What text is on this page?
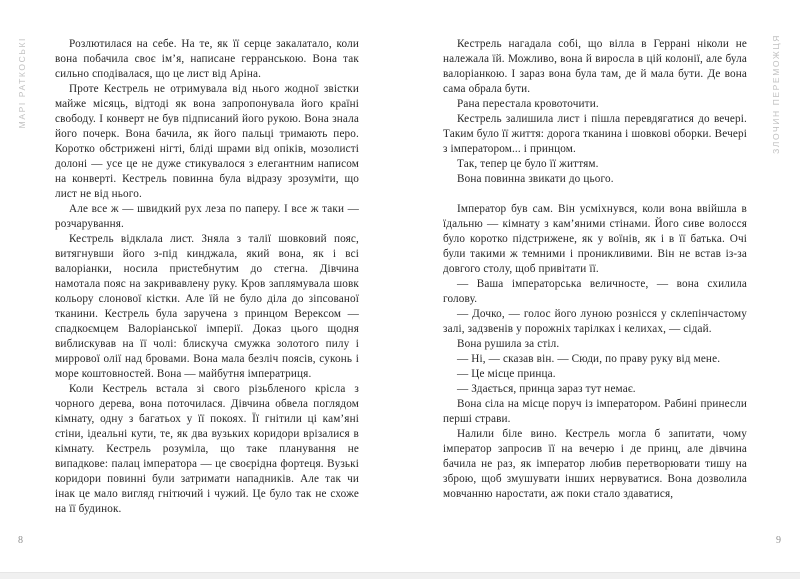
МАРІ РАТКОСЬКІ	Розлютилася на себе. На те, як її серце закалатало, коли вона побачила своє ім’я, написане герранською. Вона так сильно сподівалася, що це лист від Аріна.

Проте Кестрель не отримувала від нього жодної звістки майже місяць, відтоді як вона запропонувала його країні свободу. І конверт не був підписаний його рукою. Вона знала його почерк. Вона бачила, як його пальці тримають перо. Коротко обстрижені нігті, бліді шрами від опіків, мозолисті долоні — усе це не дуже стикувалося з елегантним написом на конверті. Кестрель повинна була відразу зрозуміти, що лист не від нього.

Але все ж — швидкий рух леза по паперу. І все ж таки — розчарування.

Кестрель відклала лист. Зняла з талії шовковий пояс, витягнувши його з-під кинджала, який вона, як і всі валоріанки, носила пристебнутим до стегна. Дівчина намотала пояс на закривавлену руку. Кров заплямувала шовк кольору слонової кістки. Але їй не було діла до зіпсованої тканини. Кестрель була заручена з принцом Верексом — спадкоємцем Валоріанської імперії. Доказ цього щодня виблискував на її чолі: блискуча смужка золотого пилу і миррової олії над бровами. Вона мала безліч поясів, суконь і море коштовностей. Вона — майбутня імператриця.

Коли Кестрель встала зі свого різьбленого крісла з чорного дерева, вона поточилася. Дівчина обвела поглядом кімнату, одну з багатьох у її покоях. Її гнітили ці кам’яні стіни, ідеальні кути, те, як два вузьких коридори врізалися в кімнату. Кестрель розуміла, що таке планування не випадкове: палац імператора — це своєрідна фортеця. Вузькі коридори повинні були затримати нападників. Але так чи інак це мало вигляд гнітючий і чужий. Це було так не схоже на її будинок.

Кестрель нагадала собі, що вілла в Геррані ніколи не належала їй. Можливо, вона й виросла в цій колонії, але була валоріанкою. І зараз вона була там, де й мала бути. Де вона сама обрала бути.

Рана перестала кровоточити.

Кестрель залишила лист і пішла перевдягатися до вечері. Таким було її життя: дорога тканина і шовкові оборки. Вечері з імператором... і принцом.

Так, тепер це було її життям.

Вона повинна звикати до цього.

Імператор був сам. Він усміхнувся, коли вона ввійшла в їдальню — кімнату з кам’яними стінами. Його сиве волосся було коротко підстрижене, як у воїнів, як і в її батька. Очі були такими ж темними і проникливими. Він не встав із-за довгого столу, щоб привітати її.

— Ваша імператорська величносте, — вона схилила голову.

— Дочко, — голос його луною рознісся у склепінчастому залі, задзвенів у порожніх тарілках і келихах, — сідай.

Вона рушила за стіл.

— Ні, — сказав він. — Сюди, по праву руку від мене.

— Це місце принца.

— Здається, принца зараз тут немає.

Вона сіла на місце поруч із імператором. Рабині принесли перші страви.

Налили біле вино. Кестрель могла б запитати, чому імператор запросив її на вечерю і де принц, але дівчина бачила не раз, як імператор любив перетворювати тишу на зброю, щоб змушувати інших нервуватися. Вона дозволила мовчанню наростати, аж поки стало здаватися,

ЗЛОЧИН ПЕРЕМОЖЦЯ
8	9
